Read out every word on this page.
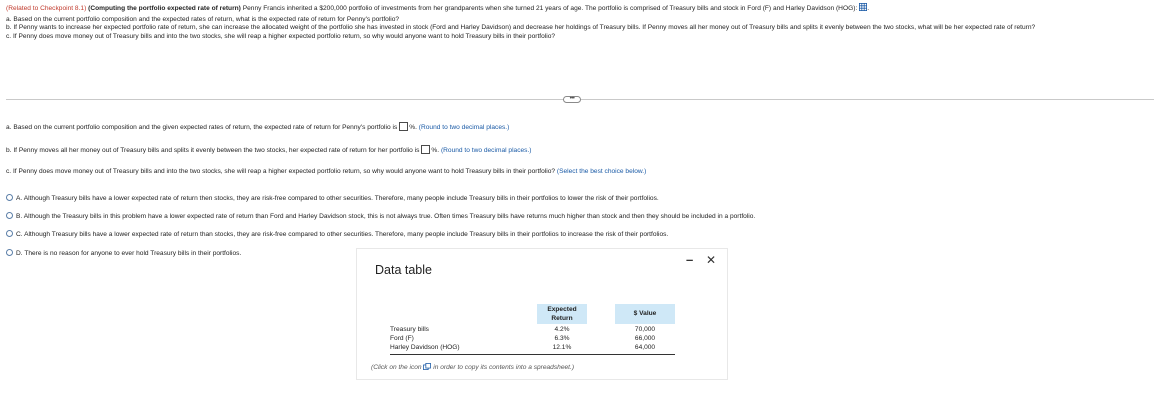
(Related to Checkpoint 8.1) (Computing the portfolio expected rate of return) Penny Francis inherited a $200,000 portfolio of investments from her grandparents when she turned 21 years of age. The portfolio is comprised of Treasury bills and stock in Ford (F) and Harley Davidson (HOG): .

a. Based on the current portfolio composition and the expected rates of return, what is the expected rate of return for Penny's portfolio?

b. If Penny wants to increase her expected portfolio rate of return, she can increase the allocated weight of the portfolio she has invested in stock (Ford and Harley Davidson) and decrease her holdings of Treasury bills. If Penny moves all her money out of Treasury bills and splits it evenly between the two stocks, what will be her expected rate of return?

c. If Penny does move money out of Treasury bills and into the two stocks, she will reap a higher expected portfolio return, so why would anyone want to hold Treasury bills in their portfolio?

•••
a. Based on the current portfolio composition and the given expected rates of return, the expected rate of return for Penny's portfolio is %. (Round to two decimal places.)
b. If Penny moves all her money out of Treasury bills and splits it evenly between the two stocks, her expected rate of return for her portfolio is %. (Round to two decimal places.)
c. If Penny does move money out of Treasury bills and into the two stocks, she will reap a higher expected portfolio return, so why would anyone want to hold Treasury bills in their portfolio? (Select the best choice below.)
A. Although Treasury bills have a lower expected rate of return then stocks, they are risk-free compared to other securities. Therefore, many people include Treasury bills in their portfolios to lower the risk of their portfolios.
B. Although the Treasury bills in this problem have a lower expected rate of return than Ford and Harley Davidson stock, this is not always true. Often times Treasury bills have returns much higher than stock and then they should be included in a portfolio.
C. Although Treasury bills have a lower expected rate of return than stocks, they are risk-free compared to other securities. Therefore, many people include Treasury bills in their portfolios to increase the risk of their portfolios.
D. There is no reason for anyone to ever hold Treasury bills in their portfolios.
Data table
– ✕
Expected
Return
$ Value
Treasury bills	4.2%	70,000
Ford (F)	6.3%	66,000
Harley Davidson (HOG)	12.1%	64,000
(Click on the icon in order to copy its contents into a spreadsheet.)
